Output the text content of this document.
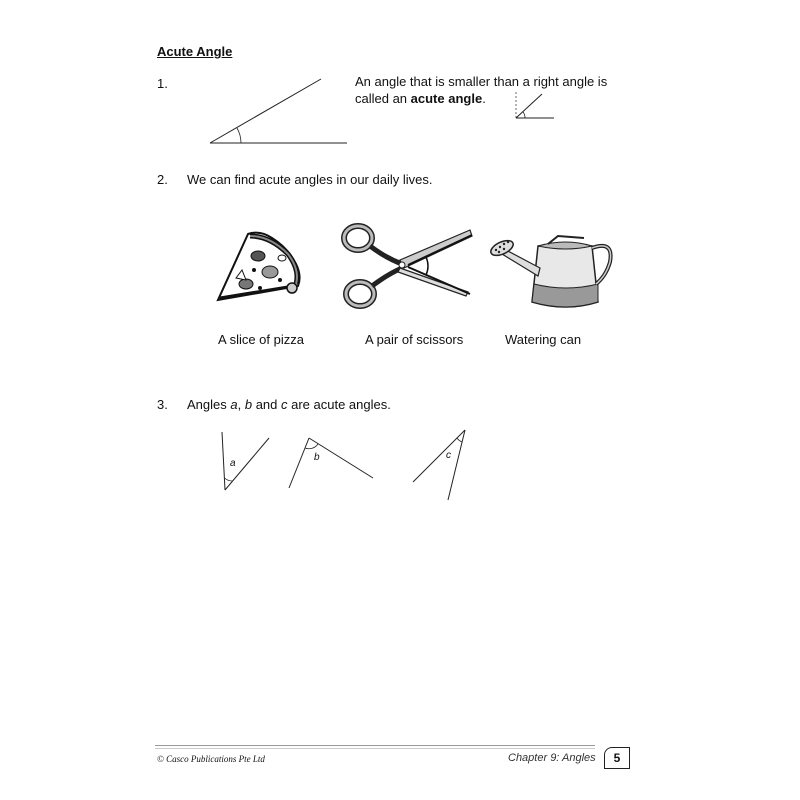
Acute Angle
1.	An angle that is smaller than a right angle is called an acute angle.
2. We can find acute angles in our daily lives.
A slice of pizza	A pair of scissors	Watering can
3. Angles a, b and c are acute angles.
a
b	c
© Casco Publications Pte Ltd	Chapter 9: Angles	5
